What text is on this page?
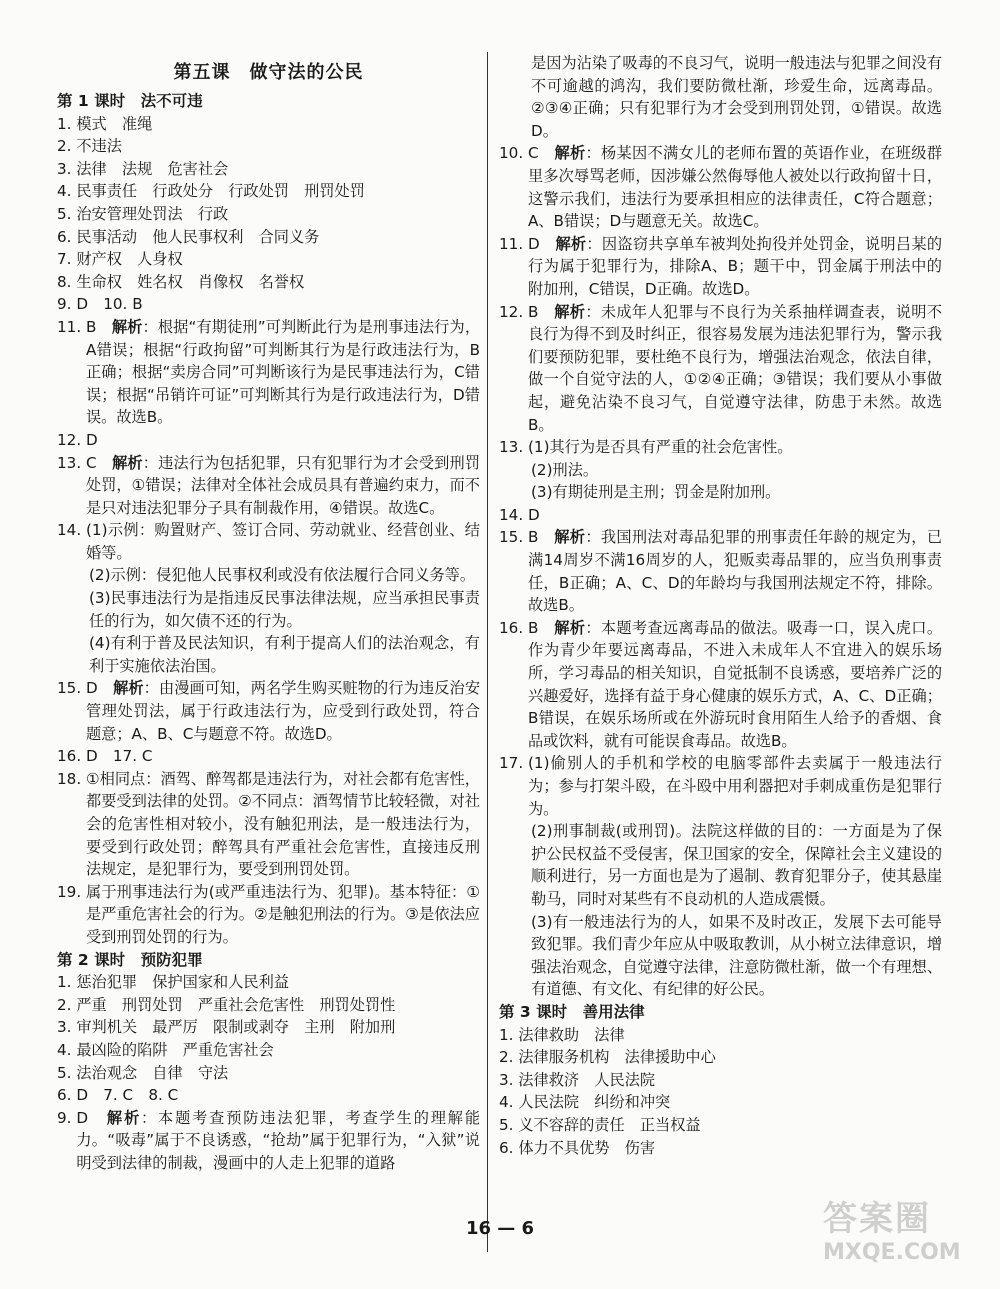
第五课　做守法的公民
第 1 课时　法不可违
1. 模式　准绳
2. 不违法
3. 法律　法规　危害社会
4. 民事责任　行政处分　行政处罚　刑罚处罚
5. 治安管理处罚法　行政
6. 民事活动　他人民事权利　合同义务
7. 财产权　人身权
8. 生命权　姓名权　肖像权　名誉权
9. D　10. B
11. B　解析：根据“有期徒刑”可判断此行为是刑事违法行为，A错误；根据“行政拘留”可判断其行为是行政违法行为，B正确；根据“卖房合同”可判断该行为是民事违法行为，C错误；根据“吊销许可证”可判断其行为是行政违法行为，D错误。故选B。
12. D
13. C　解析：违法行为包括犯罪，只有犯罪行为才会受到刑罚处罚，①错误；法律对全体社会成员具有普遍约束力，而不是只对违法犯罪分子具有制裁作用，④错误。故选C。
14. (1)示例：购置财产、签订合同、劳动就业、经营创业、结婚等。
(2)示例：侵犯他人民事权利或没有依法履行合同义务等。
(3)民事违法行为是指违反民事法律法规，应当承担民事责任的行为，如欠债不还的行为。
(4)有利于普及民法知识，有利于提高人们的法治观念，有利于实施依法治国。
15. D　解析：由漫画可知，两名学生购买赃物的行为违反治安管理处罚法，属于行政违法行为，应受到行政处罚，符合题意；A、B、C与题意不符。故选D。
16. D　17. C
18. ①相同点：酒驾、醉驾都是违法行为，对社会都有危害性，都要受到法律的处罚。②不同点：酒驾情节比较轻微，对社会的危害性相对较小，没有触犯刑法，是一般违法行为，要受到行政处罚；醉驾具有严重社会危害性，直接违反刑法规定，是犯罪行为，要受到刑罚处罚。
19. 属于刑事违法行为(或严重违法行为、犯罪)。基本特征：①是严重危害社会的行为。②是触犯刑法的行为。③是依法应受到刑罚处罚的行为。
第 2 课时　预防犯罪
1. 惩治犯罪　保护国家和人民利益
2. 严重　刑罚处罚　严重社会危害性　刑罚处罚性
3. 审判机关　最严厉　限制或剥夺　主刑　附加刑
4. 最凶险的陷阱　严重危害社会
5. 法治观念　自律　守法
6. D　7. C　8. C
9. D　解析：本题考查预防违法犯罪，考查学生的理解能力。“吸毒”属于不良诱惑，“抢劫”属于犯罪行为，“入狱”说明受到法律的制裁，漫画中的人走上犯罪的道路
是因为沾染了吸毒的不良习气，说明一般违法与犯罪之间没有不可逾越的鸿沟，我们要防微杜渐，珍爱生命，远离毒品。②③④正确；只有犯罪行为才会受到刑罚处罚，①错误。故选D。
10. C　解析：杨某因不满女儿的老师布置的英语作业，在班级群里多次辱骂老师，因涉嫌公然侮辱他人被处以行政拘留十日，这警示我们，违法行为要承担相应的法律责任，C符合题意；A、B错误；D与题意无关。故选C。
11. D　解析：因盗窃共享单车被判处拘役并处罚金，说明吕某的行为属于犯罪行为，排除A、B；题干中，罚金属于刑法中的附加刑，C错误，D正确。故选D。
12. B　解析：未成年人犯罪与不良行为关系抽样调查表，说明不良行为得不到及时纠正，很容易发展为违法犯罪行为，警示我们要预防犯罪，要杜绝不良行为，增强法治观念，依法自律，做一个自觉守法的人，①②④正确；③错误；我们要从小事做起，避免沾染不良习气，自觉遵守法律，防患于未然。故选B。
13. (1)其行为是否具有严重的社会危害性。
(2)刑法。
(3)有期徒刑是主刑；罚金是附加刑。
14. D
15. B　解析：我国刑法对毒品犯罪的刑事责任年龄的规定为，已满14周岁不满16周岁的人，犯贩卖毒品罪的，应当负刑事责任，B正确；A、C、D的年龄均与我国刑法规定不符，排除。故选B。
16. B　解析：本题考查远离毒品的做法。吸毒一口，误入虎口。作为青少年要远离毒品，不进入未成年人不宜进入的娱乐场所，学习毒品的相关知识，自觉抵制不良诱惑，要培养广泛的兴趣爱好，选择有益于身心健康的娱乐方式，A、C、D正确；B错误，在娱乐场所或在外游玩时食用陌生人给予的香烟、食品或饮料，就有可能误食毒品。故选B。
17. (1)偷别人的手机和学校的电脑零部件去卖属于一般违法行为；参与打架斗殴，在斗殴中用利器把对手刺成重伤是犯罪行为。
(2)刑事制裁(或刑罚)。法院这样做的目的：一方面是为了保护公民权益不受侵害，保卫国家的安全，保障社会主义建设的顺利进行，另一方面也是为了遏制、教育犯罪分子，使其悬崖勒马，同时对某些有不良动机的人造成震慑。
(3)有一般违法行为的人，如果不及时改正，发展下去可能导致犯罪。我们青少年应从中吸取教训，从小树立法律意识，增强法治观念，自觉遵守法律，注意防微杜渐，做一个有理想、有道德、有文化、有纪律的好公民。
第 3 课时　善用法律
1. 法律救助　法律
2. 法律服务机构　法律援助中心
3. 法律救济　人民法院
4. 人民法院　纠纷和冲突
5. 义不容辞的责任　正当权益
6. 体力不具优势　伤害
16 — 6	答案圈
MXQE.COM
